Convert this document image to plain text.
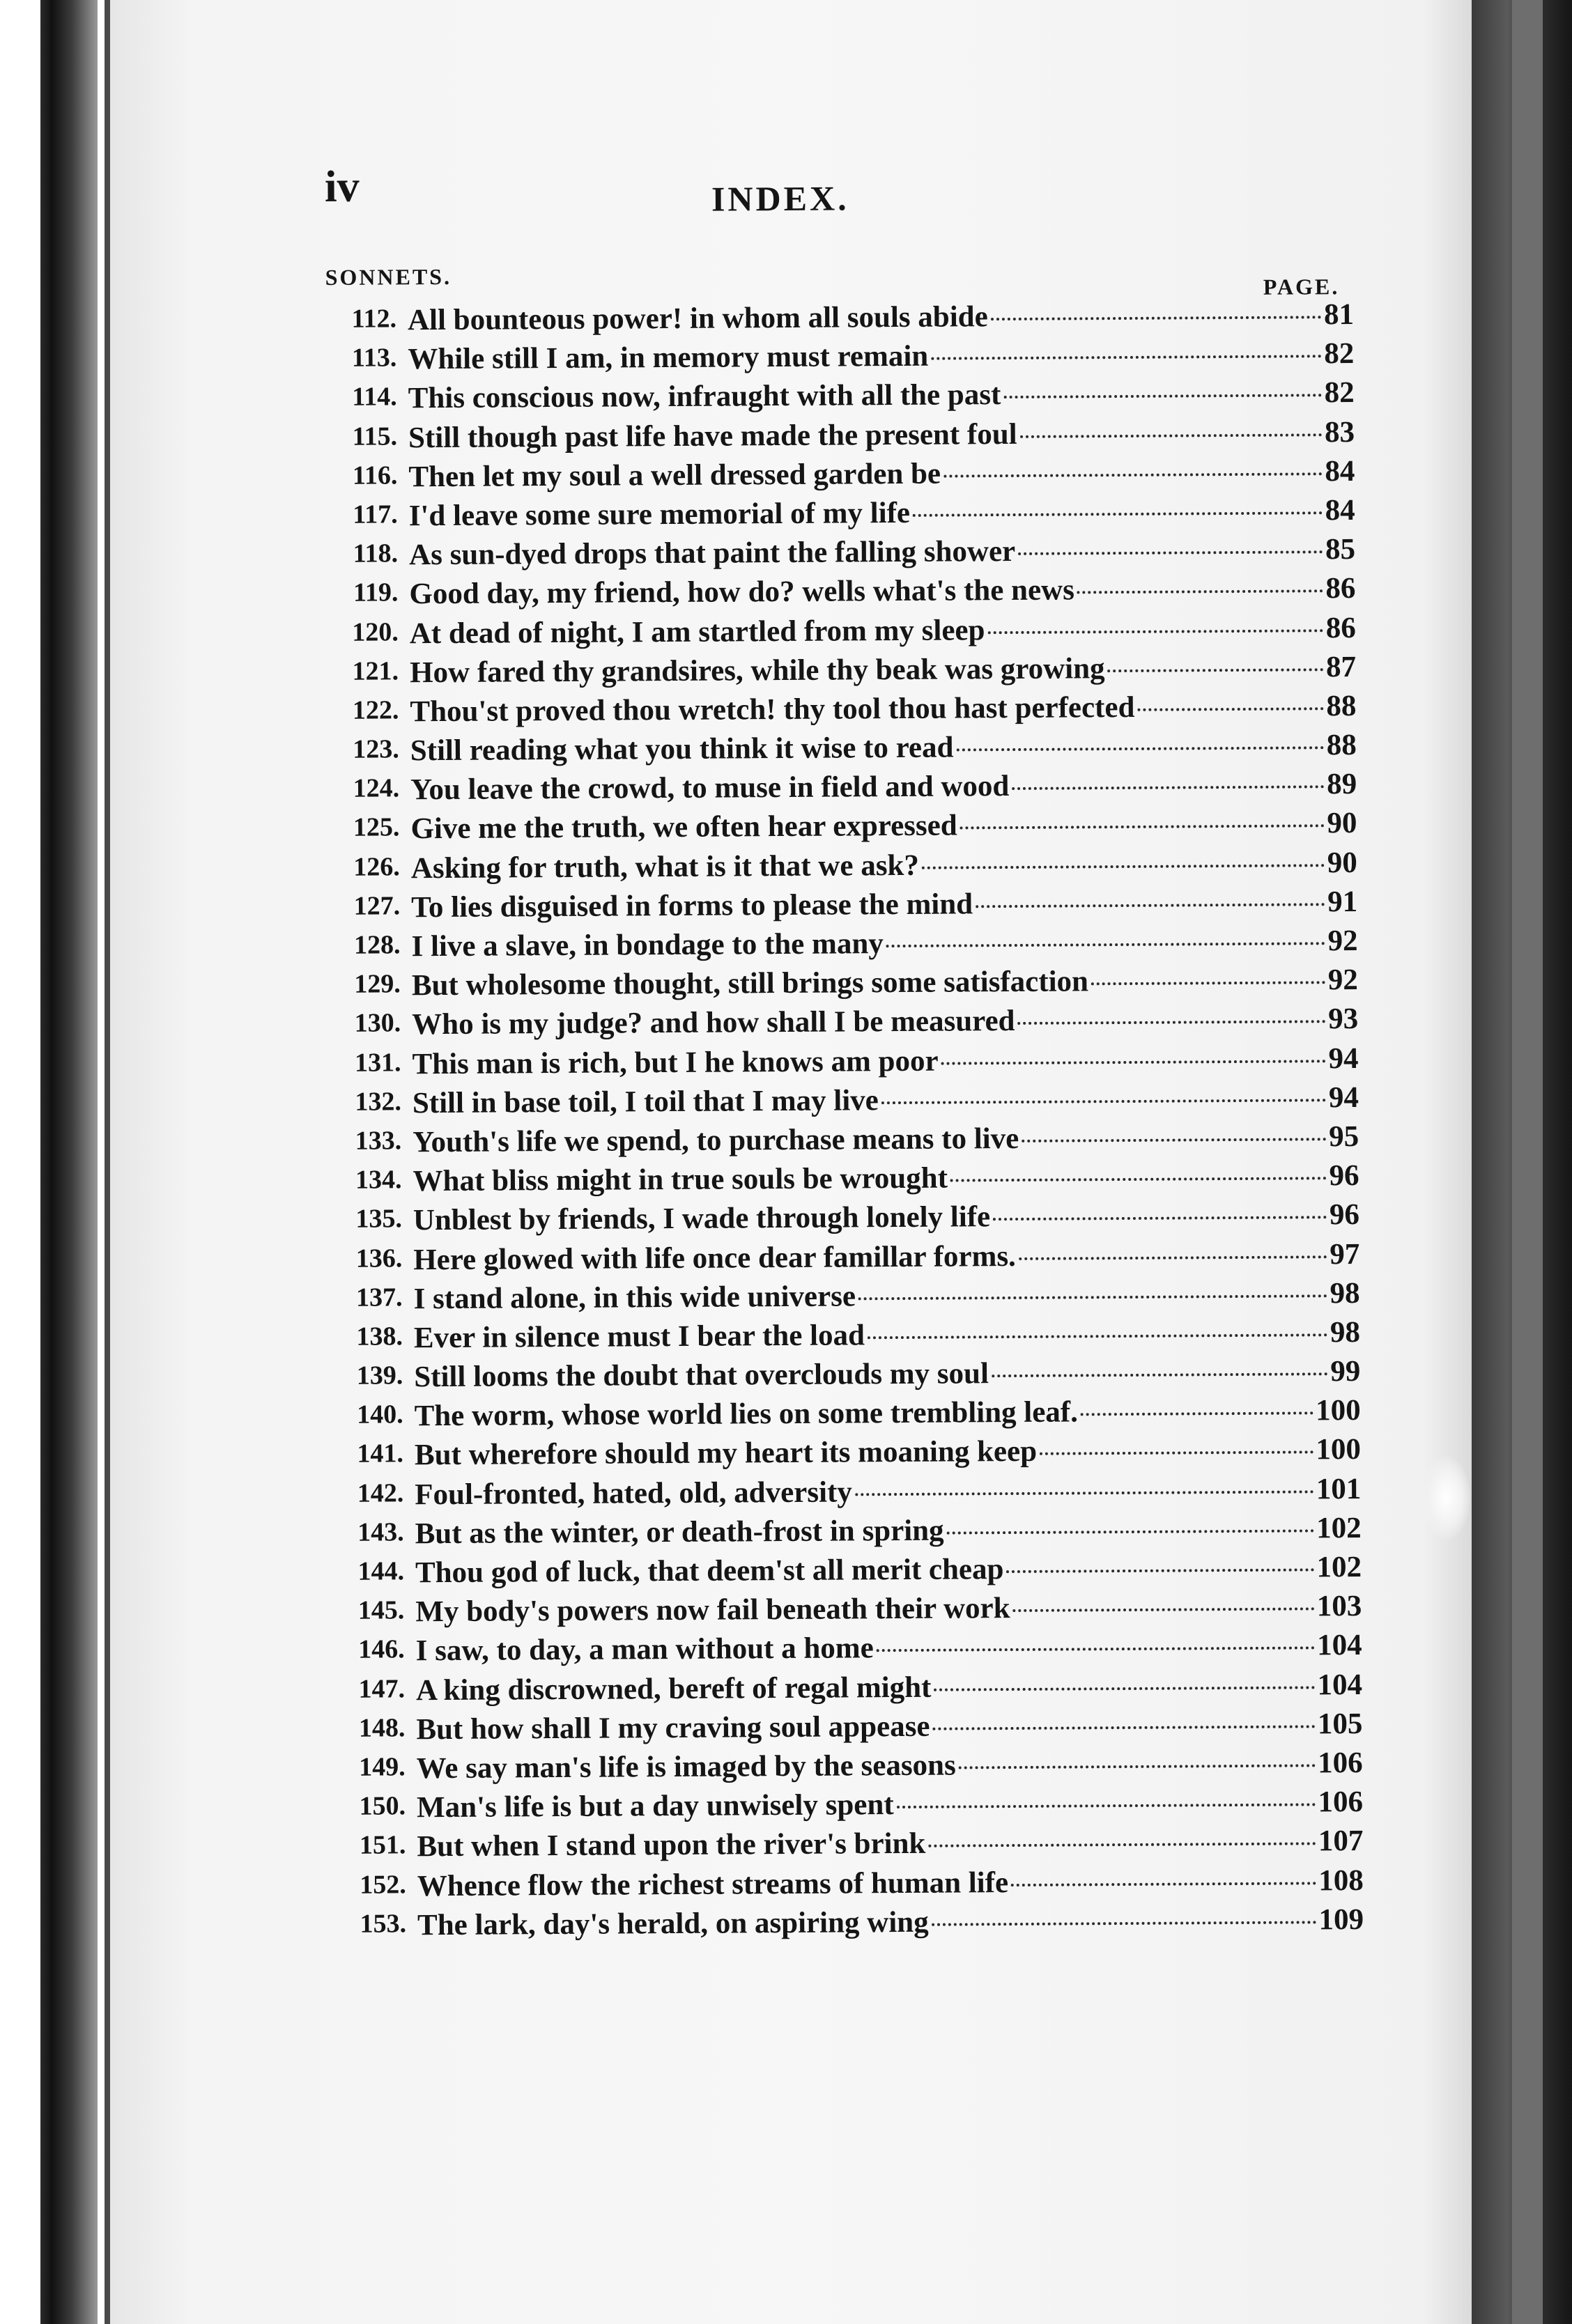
iv	INDEX.
SONNETS.	PAGE.
112. All bounteous power! in whom all souls abide	81
113. While still I am, in memory must remain	82
114. This conscious now, infraught with all the past	82
115. Still though past life have made the present foul	83
116. Then let my soul a well dressed garden be	84
117. I'd leave some sure memorial of my life	84
118. As sun-dyed drops that paint the falling shower	85
119. Good day, my friend, how do? wells what's the news	86
120. At dead of night, I am startled from my sleep	86
121. How fared thy grandsires, while thy beak was growing	87
122. Thou'st proved thou wretch! thy tool thou hast perfected	88
123. Still reading what you think it wise to read	88
124. You leave the crowd, to muse in field and wood	89
125. Give me the truth, we often hear expressed	90
126. Asking for truth, what is it that we ask?	90
127. To lies disguised in forms to please the mind	91
128. I live a slave, in bondage to the many	92
129. But wholesome thought, still brings some satisfaction	92
130. Who is my judge? and how shall I be measured	93
131. This man is rich, but I he knows am poor	94
132. Still in base toil, I toil that I may live	94
133. Youth's life we spend, to purchase means to live	95
134. What bliss might in true souls be wrought	96
135. Unblest by friends, I wade through lonely life	96
136. Here glowed with life once dear famillar forms.	97
137. I stand alone, in this wide universe	98
138. Ever in silence must I bear the load	98
139. Still looms the doubt that overclouds my soul	99
140. The worm, whose world lies on some trembling leaf.	100
141. But wherefore should my heart its moaning keep	100
142. Foul-fronted, hated, old, adversity	101
143. But as the winter, or death-frost in spring	102
144. Thou god of luck, that deem'st all merit cheap	102
145. My body's powers now fail beneath their work	103
146. I saw, to day, a man without a home	104
147. A king discrowned, bereft of regal might	104
148. But how shall I my craving soul appease	105
149. We say man's life is imaged by the seasons	106
150. Man's life is but a day unwisely spent	106
151. But when I stand upon the river's brink	107
152. Whence flow the richest streams of human life	108
153. The lark, day's herald, on aspiring wing	109
